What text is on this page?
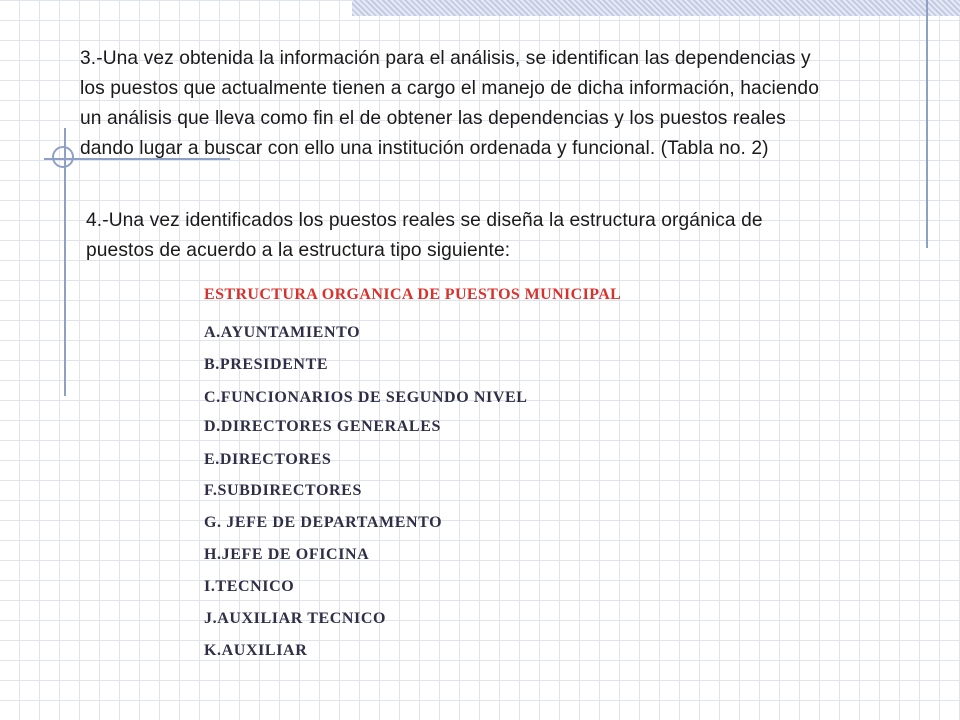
3.-Una vez obtenida la información para el análisis, se identifican las dependencias y los puestos que actualmente tienen a cargo el manejo de dicha información, haciendo un análisis que lleva como fin el de obtener las dependencias y los puestos reales dando lugar a buscar con ello una institución ordenada y funcional. (Tabla no. 2)

4.-Una vez identificados los puestos reales se diseña la estructura orgánica de puestos de acuerdo a la estructura tipo siguiente:

ESTRUCTURA ORGANICA DE PUESTOS MUNICIPAL
A.AYUNTAMIENTO
B.PRESIDENTE
C.FUNCIONARIOS DE SEGUNDO NIVEL
D.DIRECTORES GENERALES
E.DIRECTORES
F.SUBDIRECTORES
G. JEFE DE DEPARTAMENTO
H.JEFE DE OFICINA
I.TECNICO
J.AUXILIAR TECNICO
K.AUXILIAR
